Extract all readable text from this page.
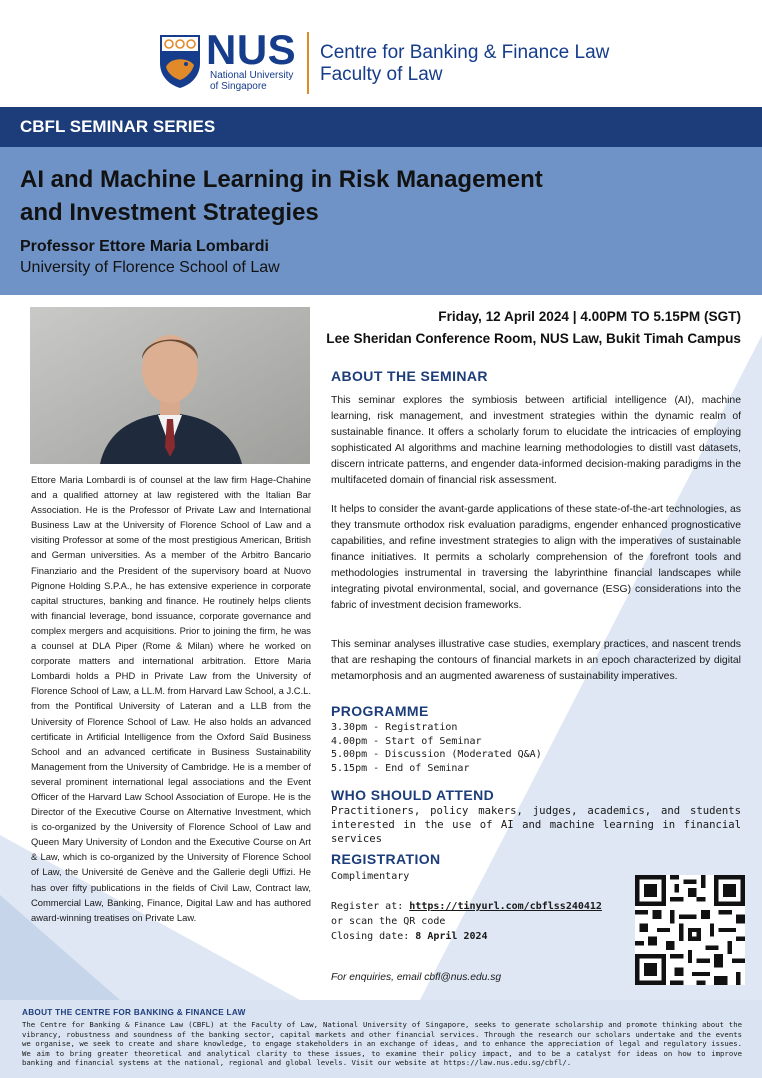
NUS
National University
of Singapore
Centre for Banking & Finance Law
Faculty of Law
CBFL SEMINAR SERIES
AI and Machine Learning in Risk Management
and Investment Strategies
Professor Ettore Maria Lombardi
University of Florence School of Law
Ettore Maria Lombardi is of counsel at the law firm Hage-Chahine and a qualified attorney at law registered with the Italian Bar Association. He is the Professor of Private Law and International Business Law at the University of Florence School of Law and a visiting Professor at some of the most prestigious American, British and German universities. As a member of the Arbitro Bancario Finanziario and the President of the supervisory board at Nuovo Pignone Holding S.P.A., he has extensive experience in corporate capital structures, banking and finance. He routinely helps clients with financial leverage, bond issuance, corporate governance and complex mergers and acquisitions. Prior to joining the firm, he was a counsel at DLA Piper (Rome & Milan) where he worked on corporate matters and international arbitration. Ettore Maria Lombardi holds a PHD in Private Law from the University of Florence School of Law, a LL.M. from Harvard Law School, a J.C.L. from the Pontifical University of Lateran and a LLB from the University of Florence School of Law. He also holds an advanced certificate in Artificial Intelligence from the Oxford Saïd Business School and an advanced certificate in Business Sustainability Management from the University of Cambridge. He is a member of several prominent international legal associations and the Event Officer of the Harvard Law School Association of Europe. He is the Director of the Executive Course on Alternative Investment, which is co-organized by the University of Florence School of Law and Queen Mary University of London and the Executive Course on Art & Law, which is co-organized by the University of Florence School of Law, the Université de Genève and the Gallerie degli Uffizi. He has over fifty publications in the fields of Civil Law, Contract law, Commercial Law, Banking, Finance, Digital Law and has authored award-winning treatises on Private Law.
Friday, 12 April 2024 | 4.00PM TO 5.15PM (SGT)
Lee Sheridan Conference Room, NUS Law, Bukit Timah Campus
ABOUT THE SEMINAR
This seminar explores the symbiosis between artificial intelligence (AI), machine learning, risk management, and investment strategies within the dynamic realm of sustainable finance. It offers a scholarly forum to elucidate the intricacies of employing sophisticated AI algorithms and machine learning methodologies to distill vast datasets, discern intricate patterns, and engender data-informed decision-making paradigms in the multifaceted domain of financial risk assessment.
It helps to consider the avant-garde applications of these state-of-the-art technologies, as they transmute orthodox risk evaluation paradigms, engender enhanced prognosticative capabilities, and refine investment strategies to align with the imperatives of sustainable finance initiatives. It permits a scholarly comprehension of the forefront tools and methodologies instrumental in traversing the labyrinthine financial landscapes while integrating pivotal environmental, social, and governance (ESG) considerations into the fabric of investment decision frameworks.
This seminar analyses illustrative case studies, exemplary practices, and nascent trends that are reshaping the contours of financial markets in an epoch characterized by digital metamorphosis and an augmented awareness of sustainability imperatives.
PROGRAMME
3.30pm - Registration
4.00pm - Start of Seminar
5.00pm - Discussion (Moderated Q&A)
5.15pm - End of Seminar
WHO SHOULD ATTEND
Practitioners, policy makers, judges, academics, and students interested in the use of AI and machine learning in financial services
REGISTRATION
Complimentary
Register at: https://tinyurl.com/cbflss240412
or scan the QR code
Closing date: 8 April 2024
For enquiries, email cbfl@nus.edu.sg
ABOUT THE CENTRE FOR BANKING & FINANCE LAW
The Centre for Banking & Finance Law (CBFL) at the Faculty of Law, National University of Singapore, seeks to generate scholarship and promote thinking about the vibrancy, robustness and soundness of the banking sector, capital markets and other financial services. Through the research our scholars undertake and the events we organise, we seek to create and share knowledge, to engage stakeholders in an exchange of ideas, and to enhance the appreciation of legal and regulatory issues. We aim to bring greater theoretical and analytical clarity to these issues, to examine their policy impact, and to be a catalyst for ideas on how to improve banking and financial systems at the national, regional and global levels. Visit our website at https://law.nus.edu.sg/cbfl/.
